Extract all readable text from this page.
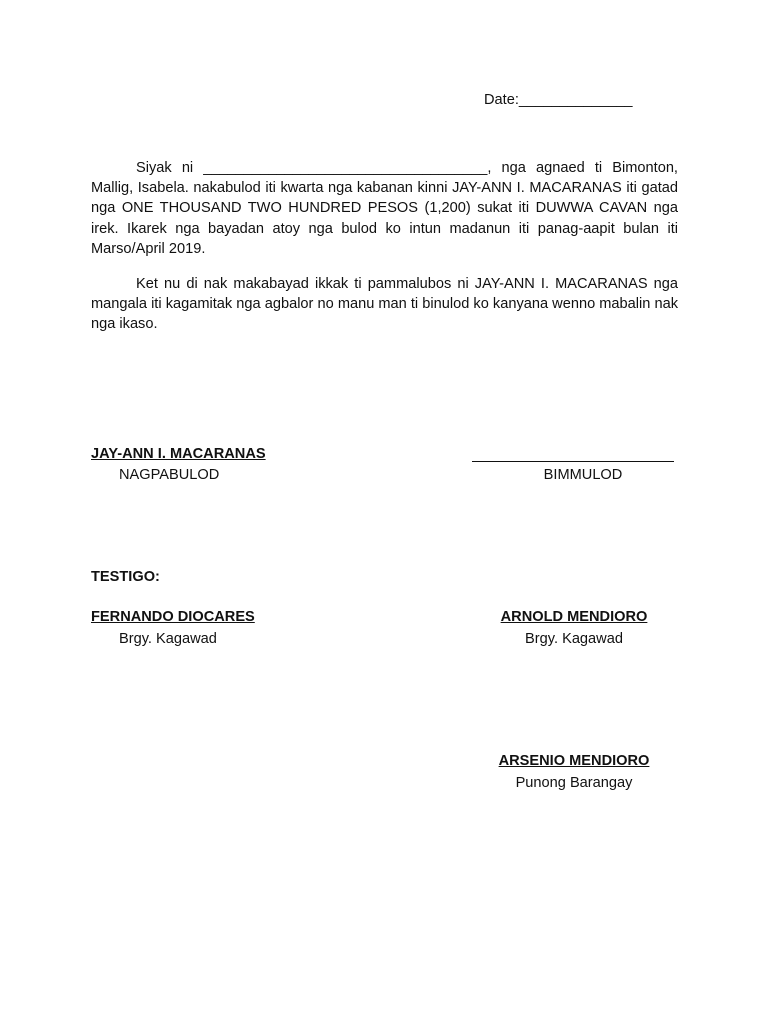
Date:______________

Siyak ni ___________________________________, nga agnaed ti Bimonton, Mallig, Isabela. nakabulod iti kwarta nga kabanan kinni JAY-ANN I. MACARANAS iti gatad nga ONE THOUSAND TWO HUNDRED PESOS (1,200) sukat iti DUWWA CAVAN nga irek. Ikarek nga bayadan atoy nga bulod ko intun madanun iti panag-aapit bulan iti Marso/April 2019.

Ket nu di nak makabayad ikkak ti pammalubos ni JAY-ANN I. MACARANAS nga mangala iti kagamitak nga agbalor no manu man ti binulod ko kanyana wenno mabalin nak nga ikaso.

JAY-ANN I. MACARANAS
NAGPABULOD	BIMMULOD
TESTIGO:
FERNANDO DIOCARES
Brgy. Kagawad
ARNOLD MENDIORO
Brgy. Kagawad
ARSENIO MENDIORO
Punong Barangay
